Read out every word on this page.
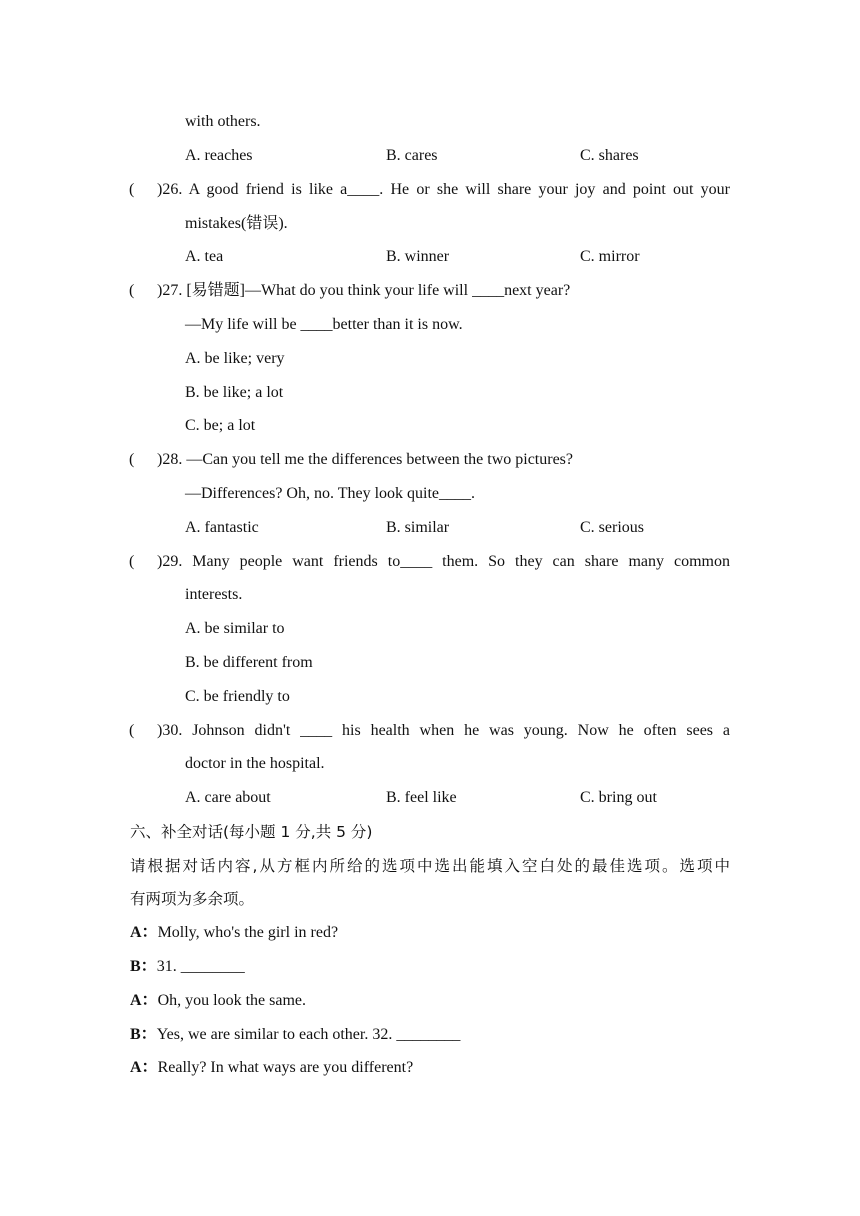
with others.
A. reaches	B. cares	C. shares
( )26. A good friend is like a____. He or she will share your joy and point out your
mistakes(错误).
A. tea	B. winner	C. mirror
( )27. [易错题]—What do you think your life will ____next year?
—My life will be ____better than it is now.
A. be like; very
B. be like; a lot
C. be; a lot
( )28. —Can you tell me the differences between the two pictures?
—Differences? Oh, no. They look quite____.
A. fantastic	B. similar	C. serious
( )29. Many people want friends to____ them. So they can share many common
interests.
A. be similar to
B. be different from
C. be friendly to
( )30. Johnson didn't ____ his health when he was young. Now he often sees a
doctor in the hospital.
A. care about	B. feel like	C. bring out
六、补全对话(每小题 1 分,共 5 分)
请根据对话内容,从方框内所给的选项中选出能填入空白处的最佳选项。选项中
有两项为多余项。
A：Molly, who's the girl in red?
B：31. ________
A：Oh, you look the same.
B：Yes, we are similar to each other. 32. ________
A：Really? In what ways are you different?
